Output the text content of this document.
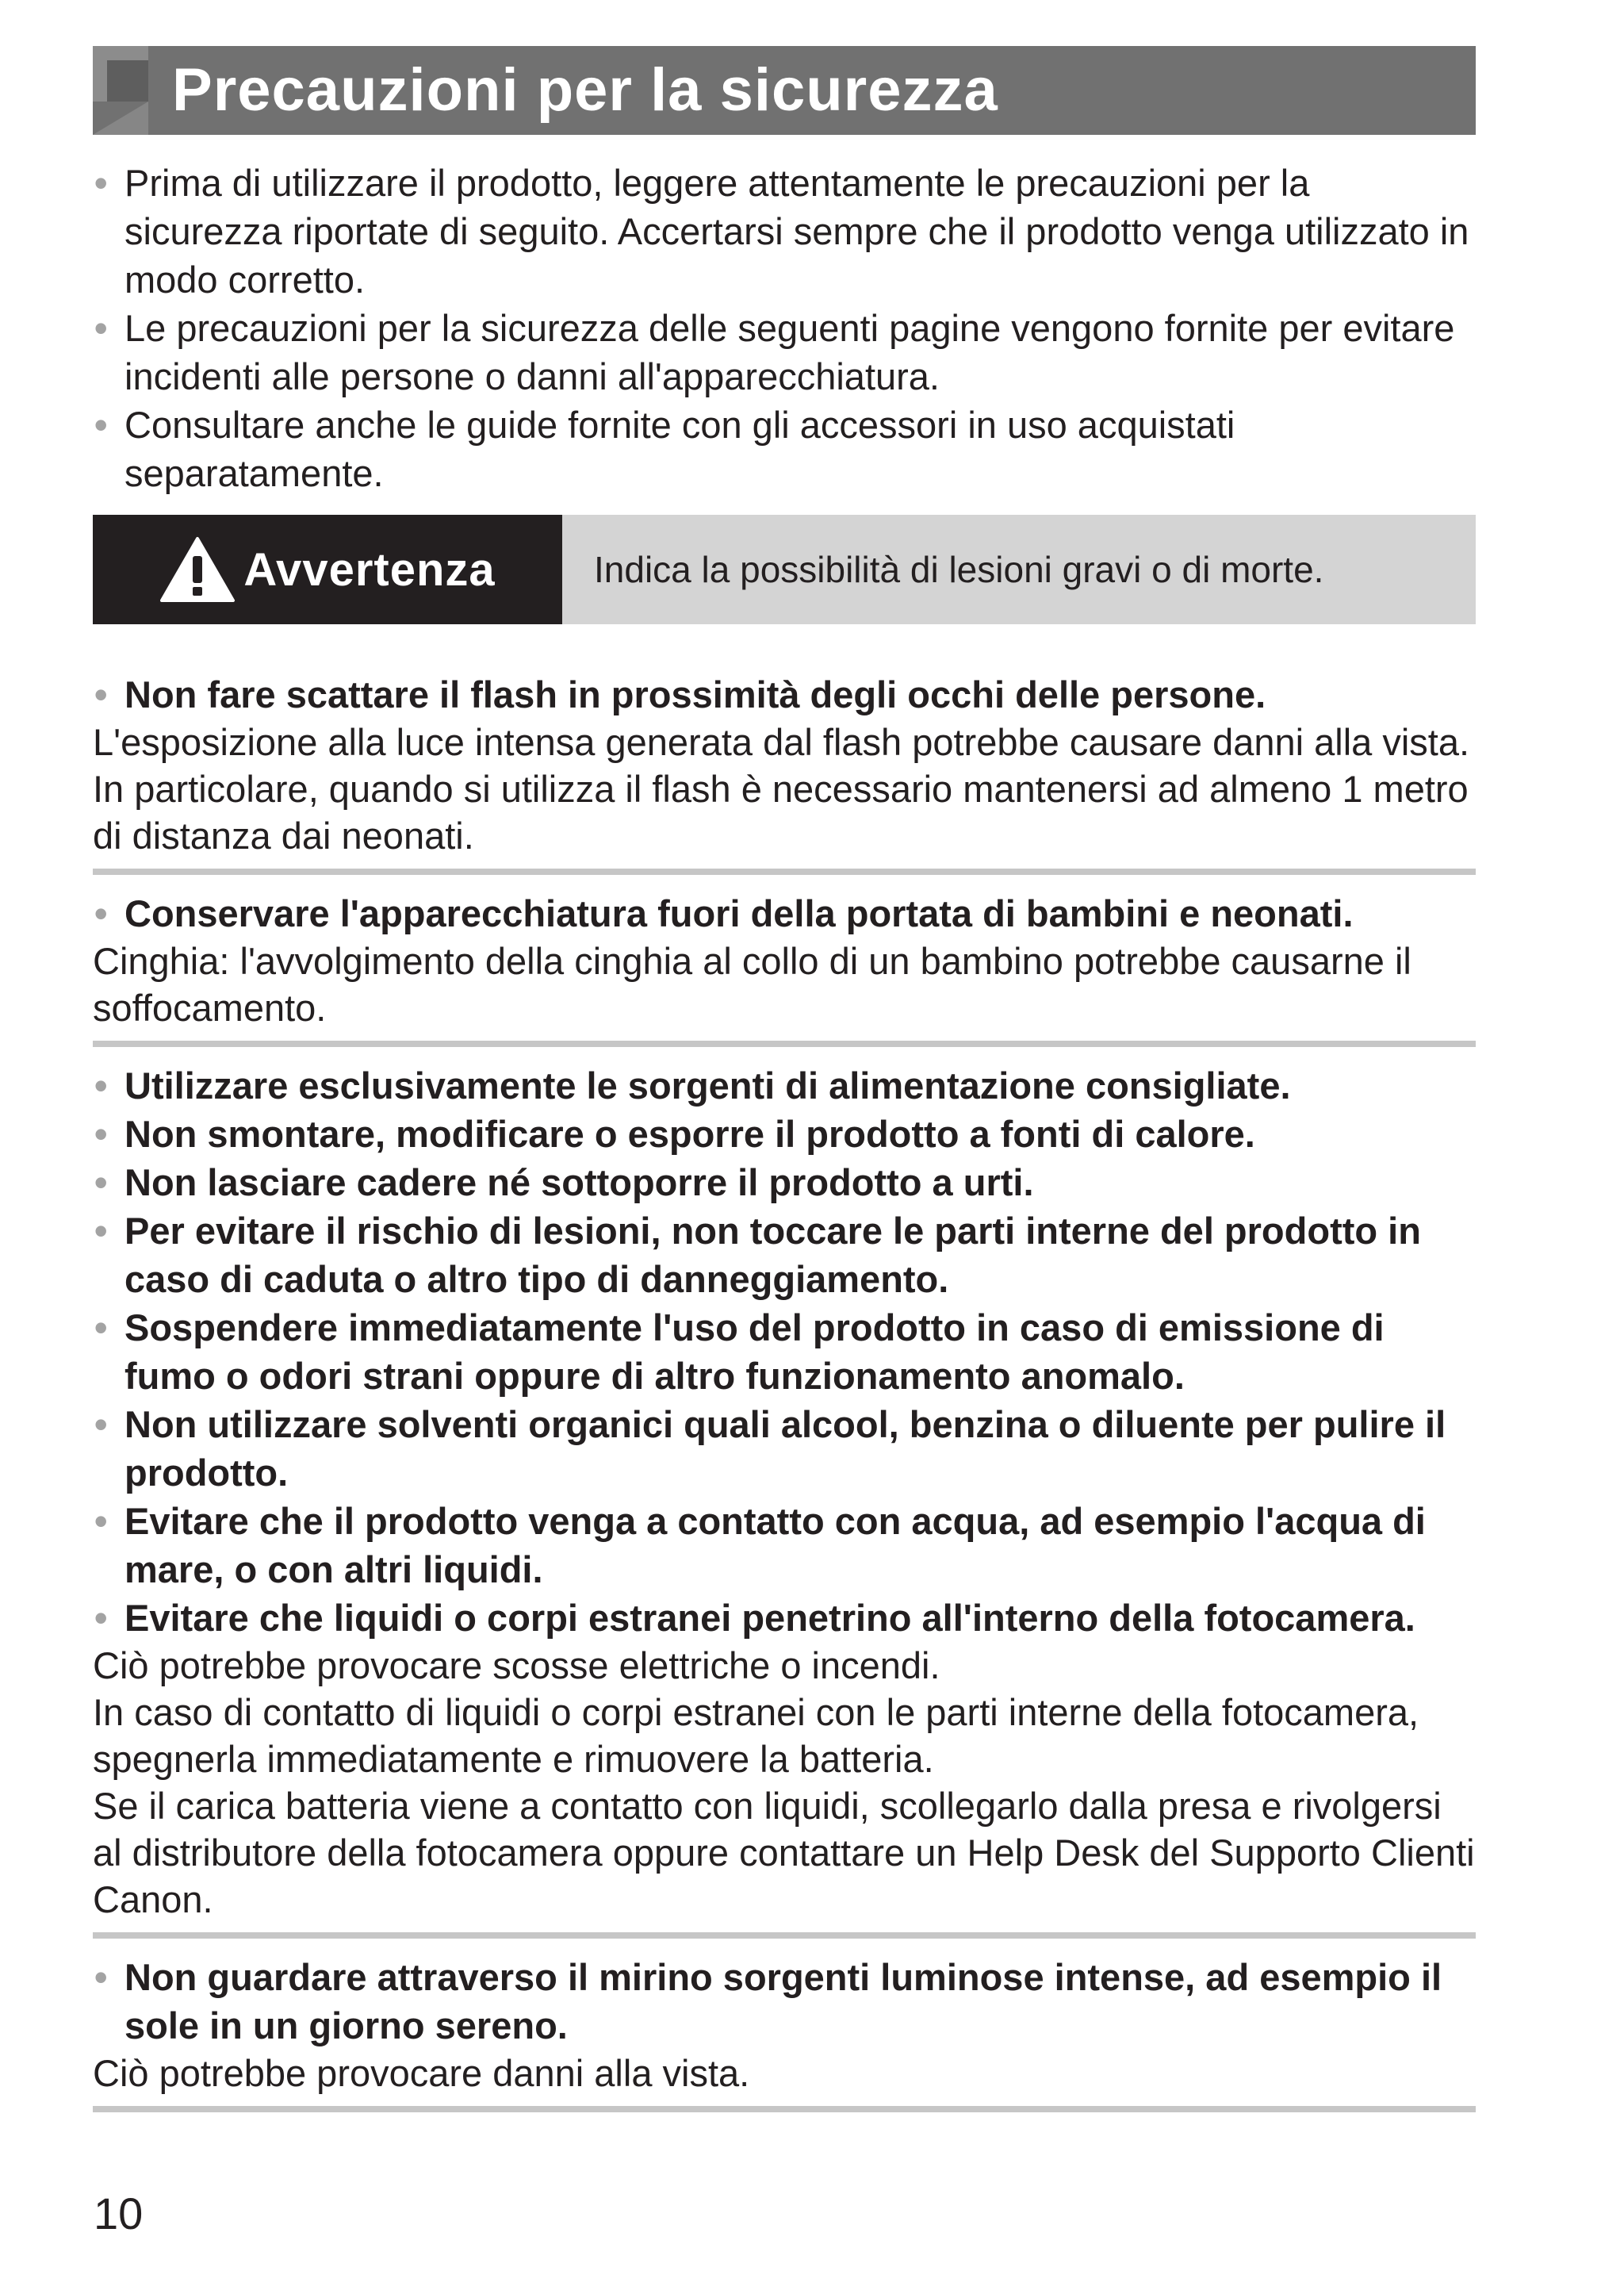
Precauzioni per la sicurezza
• Prima di utilizzare il prodotto, leggere attentamente le precauzioni per la sicurezza riportate di seguito. Accertarsi sempre che il prodotto venga utilizzato in modo corretto.
• Le precauzioni per la sicurezza delle seguenti pagine vengono fornite per evitare incidenti alle persone o danni all'apparecchiatura.
• Consultare anche le guide fornite con gli accessori in uso acquistati separatamente.
Avvertenza	Indica la possibilità di lesioni gravi o di morte.
• Non fare scattare il flash in prossimità degli occhi delle persone.
L'esposizione alla luce intensa generata dal flash potrebbe causare danni alla vista. In particolare, quando si utilizza il flash è necessario mantenersi ad almeno 1 metro di distanza dai neonati.
• Conservare l'apparecchiatura fuori della portata di bambini e neonati.
Cinghia: l'avvolgimento della cinghia al collo di un bambino potrebbe causarne il soffocamento.
• Utilizzare esclusivamente le sorgenti di alimentazione consigliate.
• Non smontare, modificare o esporre il prodotto a fonti di calore.
• Non lasciare cadere né sottoporre il prodotto a urti.
• Per evitare il rischio di lesioni, non toccare le parti interne del prodotto in caso di caduta o altro tipo di danneggiamento.
• Sospendere immediatamente l'uso del prodotto in caso di emissione di fumo o odori strani oppure di altro funzionamento anomalo.
• Non utilizzare solventi organici quali alcool, benzina o diluente per pulire il prodotto.
• Evitare che il prodotto venga a contatto con acqua, ad esempio l'acqua di mare, o con altri liquidi.
• Evitare che liquidi o corpi estranei penetrino all'interno della fotocamera.
Ciò potrebbe provocare scosse elettriche o incendi.
In caso di contatto di liquidi o corpi estranei con le parti interne della fotocamera, spegnerla immediatamente e rimuovere la batteria.
Se il carica batteria viene a contatto con liquidi, scollegarlo dalla presa e rivolgersi al distributore della fotocamera oppure contattare un Help Desk del Supporto Clienti Canon.
• Non guardare attraverso il mirino sorgenti luminose intense, ad esempio il sole in un giorno sereno.
Ciò potrebbe provocare danni alla vista.
10
